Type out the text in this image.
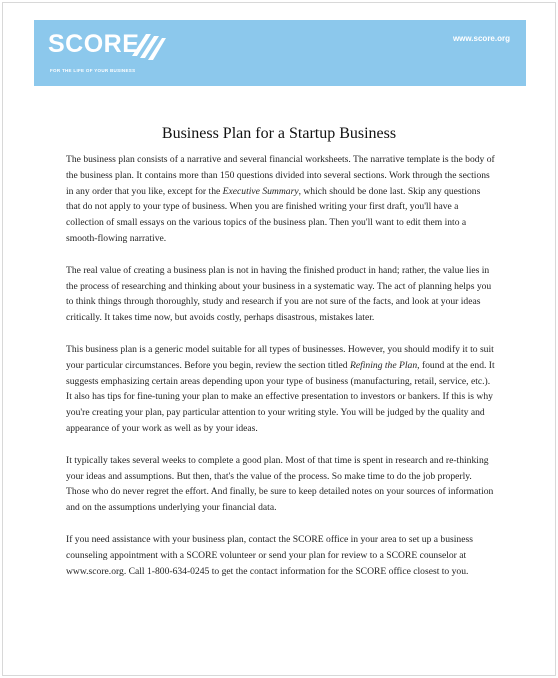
SCORE
FOR THE LIFE OF YOUR BUSINESS
www.score.org
Business Plan for a Startup Business

The business plan consists of a narrative and several financial worksheets. The narrative template is the body of the business plan. It contains more than 150 questions divided into several sections. Work through the sections in any order that you like, except for the Executive Summary, which should be done last. Skip any questions that do not apply to your type of business. When you are finished writing your first draft, you'll have a collection of small essays on the various topics of the business plan. Then you'll want to edit them into a smooth-flowing narrative.

The real value of creating a business plan is not in having the finished product in hand; rather, the value lies in the process of researching and thinking about your business in a systematic way. The act of planning helps you to think things through thoroughly, study and research if you are not sure of the facts, and look at your ideas critically. It takes time now, but avoids costly, perhaps disastrous, mistakes later.

This business plan is a generic model suitable for all types of businesses. However, you should modify it to suit your particular circumstances. Before you begin, review the section titled Refining the Plan, found at the end. It suggests emphasizing certain areas depending upon your type of business (manufacturing, retail, service, etc.). It also has tips for fine-tuning your plan to make an effective presentation to investors or bankers. If this is why you're creating your plan, pay particular attention to your writing style. You will be judged by the quality and appearance of your work as well as by your ideas.

It typically takes several weeks to complete a good plan. Most of that time is spent in research and re-thinking your ideas and assumptions. But then, that's the value of the process. So make time to do the job properly. Those who do never regret the effort. And finally, be sure to keep detailed notes on your sources of information and on the assumptions underlying your financial data.

If you need assistance with your business plan, contact the SCORE office in your area to set up a business counseling appointment with a SCORE volunteer or send your plan for review to a SCORE counselor at www.score.org. Call 1-800-634-0245 to get the contact information for the SCORE office closest to you.
